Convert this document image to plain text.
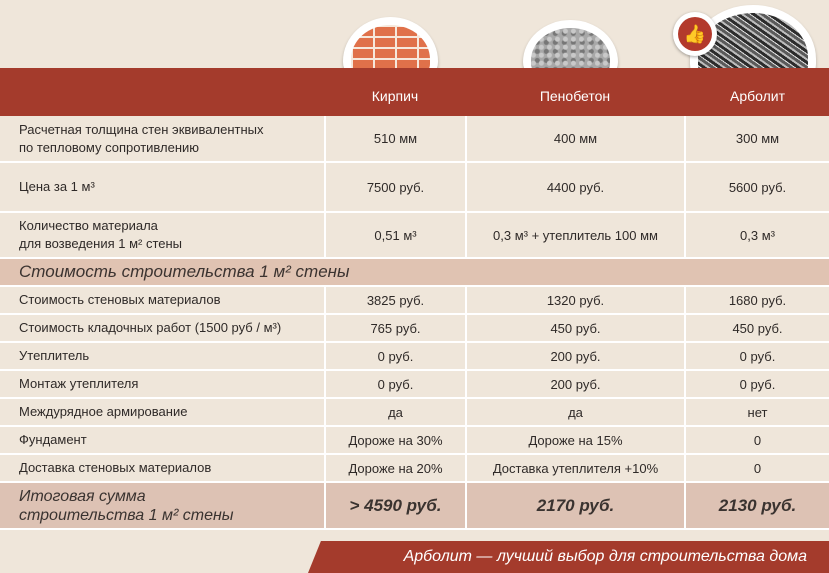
👍
Кирпич	Пенобетон	Арболит
Расчетная толщина стен эквивалентных
по тепловому сопротивлению	510 мм	400 мм	300 мм
Цена за 1 м³	7500 руб.	4400 руб.	5600 руб.
Количество материала
для возведения 1 м² стены	0,51 м³	0,3 м³ + утеплитель 100 мм	0,3 м³
Стоимость строительства 1 м² стены			
Стоимость стеновых материалов	3825 руб.	1320 руб.	1680 руб.
Стоимость кладочных работ (1500 руб / м³)	765 руб.	450 руб.	450 руб.
Утеплитель	0 руб.	200 руб.	0 руб.
Монтаж утеплителя	0 руб.	200 руб.	0 руб.
Междурядное армирование	да	да	нет
Фундамент	Дороже на 30%	Дороже на 15%	0
Доставка стеновых материалов	Дороже на 20%	Доставка утеплителя +10%	0
Итоговая сумма
строительства 1 м² стены	> 4590 руб.	2170 руб.	2130 руб.
Арболит — лучший выбор для строительства дома
